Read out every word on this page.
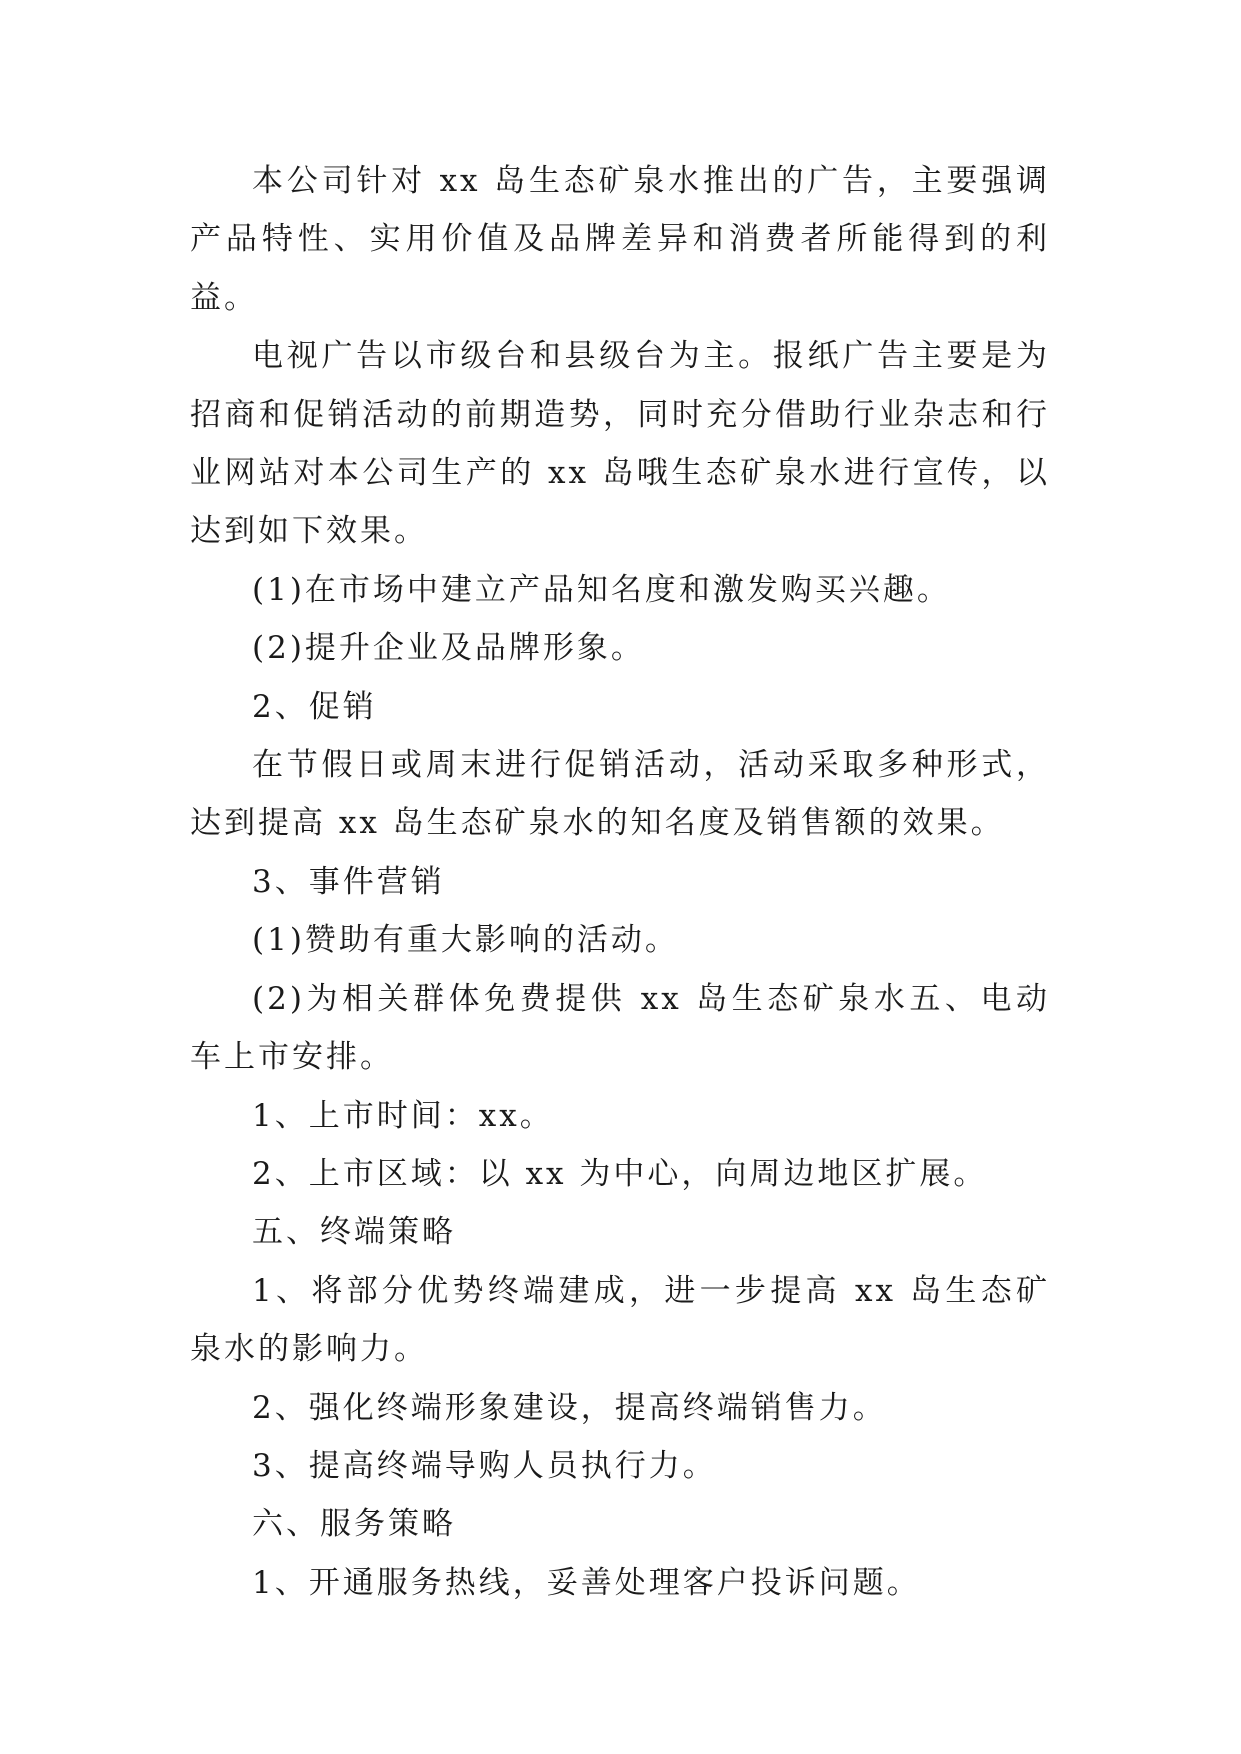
本公司针对 xx 岛生态矿泉水推出的广告，主要强调产品特性、实用价值及品牌差异和消费者所能得到的利益。

电视广告以市级台和县级台为主。报纸广告主要是为招商和促销活动的前期造势，同时充分借助行业杂志和行业网站对本公司生产的 xx 岛哦生态矿泉水进行宣传，以达到如下效果。

(1)在市场中建立产品知名度和激发购买兴趣。

(2)提升企业及品牌形象。

2、促销

在节假日或周末进行促销活动，活动采取多种形式，达到提高 xx 岛生态矿泉水的知名度及销售额的效果。

3、事件营销

(1)赞助有重大影响的活动。

(2)为相关群体免费提供 xx 岛生态矿泉水五、电动车上市安排。

1、上市时间：xx。

2、上市区域：以 xx 为中心，向周边地区扩展。

五、终端策略

1、将部分优势终端建成，进一步提高 xx 岛生态矿泉水的影响力。

2、强化终端形象建设，提高终端销售力。

3、提高终端导购人员执行力。

六、服务策略

1、开通服务热线，妥善处理客户投诉问题。
